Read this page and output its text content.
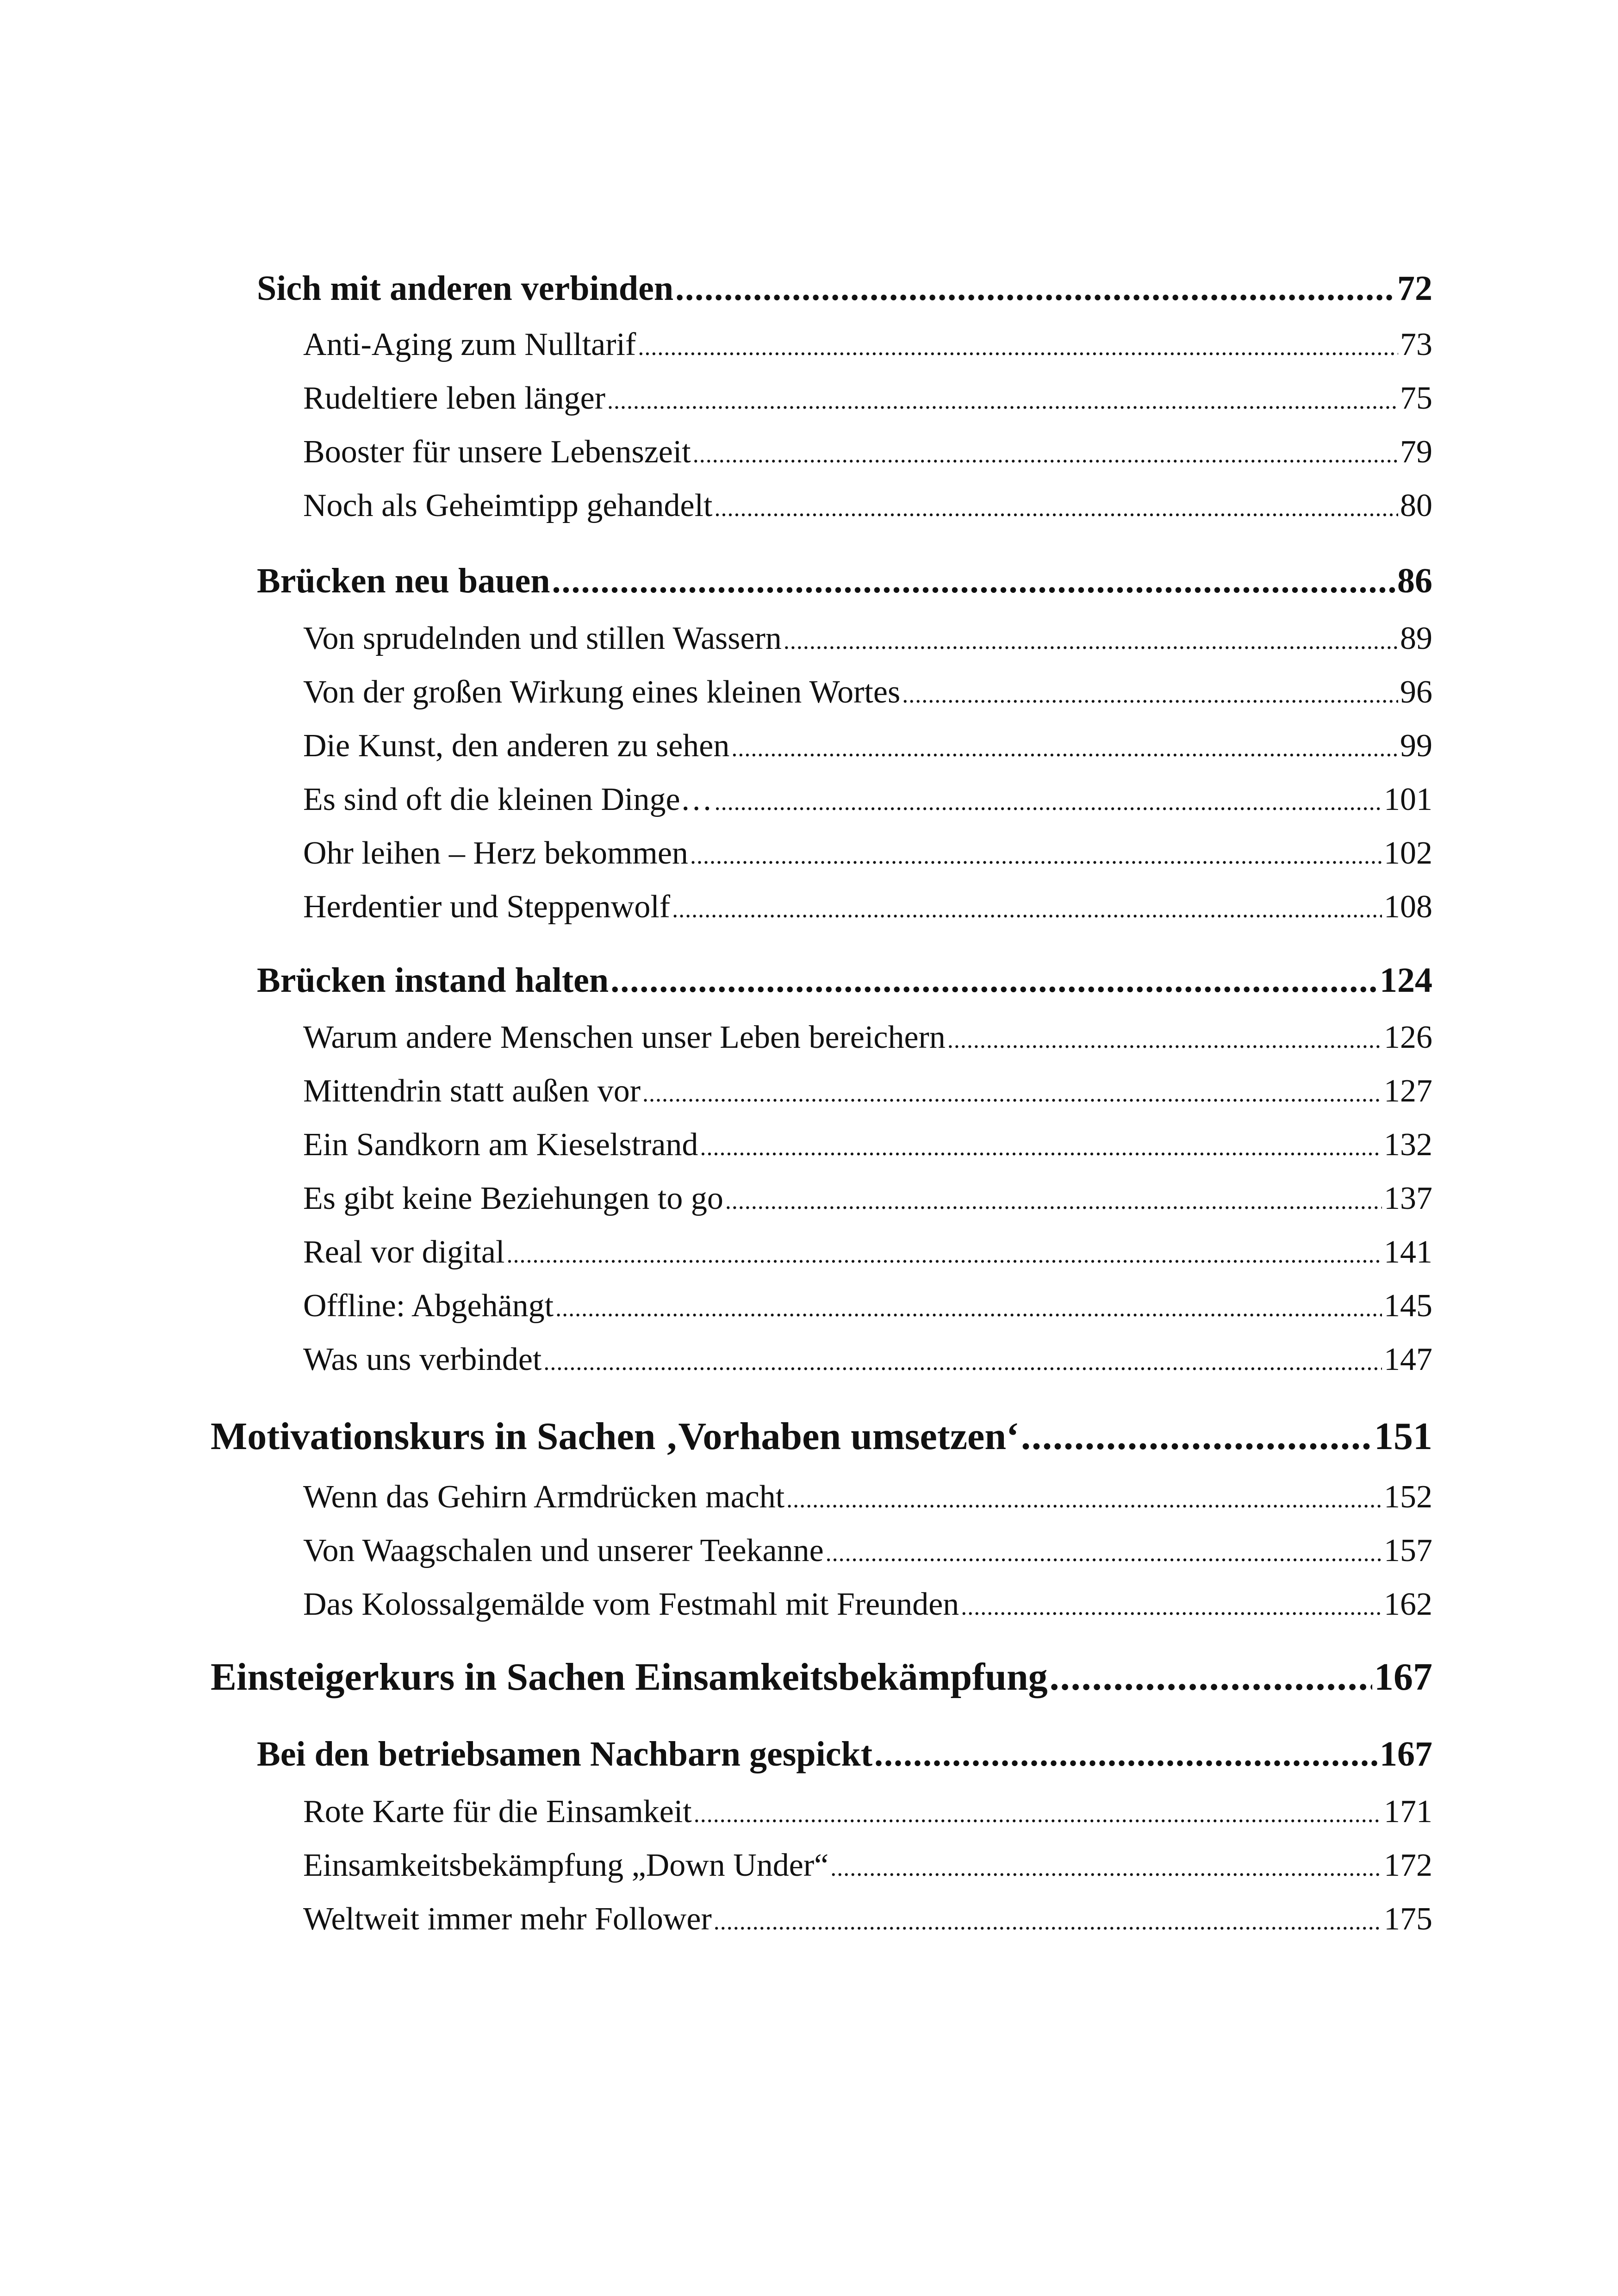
Sich mit anderen verbinden .....	72
Anti-Aging zum Nulltarif .....	73
Rudeltiere leben länger .....	75
Booster für unsere Lebenszeit .....	79
Noch als Geheimtipp gehandelt .....	80
Brücken neu bauen .....	86
Von sprudelnden und stillen Wassern .....	89
Von der großen Wirkung eines kleinen Wortes .....	96
Die Kunst, den anderen zu sehen .....	99
Es sind oft die kleinen Dinge… .....	101
Ohr leihen – Herz bekommen .....	102
Herdentier und Steppenwolf .....	108
Brücken instand halten .....	124
Warum andere Menschen unser Leben bereichern .....	126
Mittendrin statt außen vor .....	127
Ein Sandkorn am Kieselstrand .....	132
Es gibt keine Beziehungen to go .....	137
Real vor digital .....	141
Offline: Abgehängt .....	145
Was uns verbindet .....	147
Motivationskurs in Sachen ‚Vorhaben umsetzen‘ .....	151
Wenn das Gehirn Armdrücken macht .....	152
Von Waagschalen und unserer Teekanne .....	157
Das Kolossalgemälde vom Festmahl mit Freunden .....	162
Einsteigerkurs in Sachen Einsamkeitsbekämpfung .....	167
Bei den betriebsamen Nachbarn gespickt .....	167
Rote Karte für die Einsamkeit .....	171
Einsamkeitsbekämpfung „Down Under“ .....	172
Weltweit immer mehr Follower .....	175
